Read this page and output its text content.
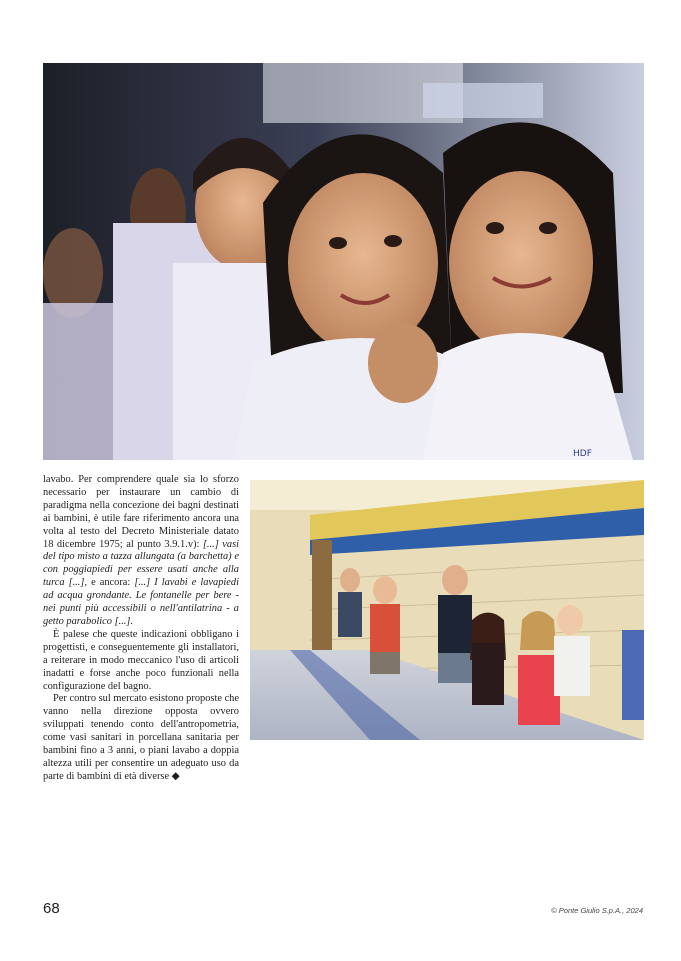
HDF

lavabo. Per comprendere quale sia lo sforzo necessario per instaurare un cambio di paradigma nella concezione dei bagni destinati ai bambini, è utile fare riferimento ancora una volta al testo del Decreto Ministeriale datato 18 dicembre 1975; al punto 3.9.1.v): [...] vasi del tipo misto a tazza allungata (a barchetta) e con poggiapiedi per essere usati anche alla turca [...], e ancora: [...] I lavabi e lavapiedi ad acqua grondante. Le fontanelle per bere - nei punti più accessibili o nell'antilatrina - a getto parabolico [...].

È palese che queste indicazioni obbligano i progettisti, e conseguentemente gli installatori, a reiterare in modo meccanico l'uso di articoli inadatti e forse anche poco funzionali nella configurazione del bagno.

Per contro sul mercato esistono proposte che vanno nella direzione opposta ovvero sviluppati tenendo conto dell'antropometria, come vasi sanitari in porcellana sanitaria per bambini fino a 3 anni, o piani lavabo a doppia altezza utili per consentire un adeguato uso da parte di bambini di età diverse ◆

68	© Ponte Giulio S.p.A., 2024
